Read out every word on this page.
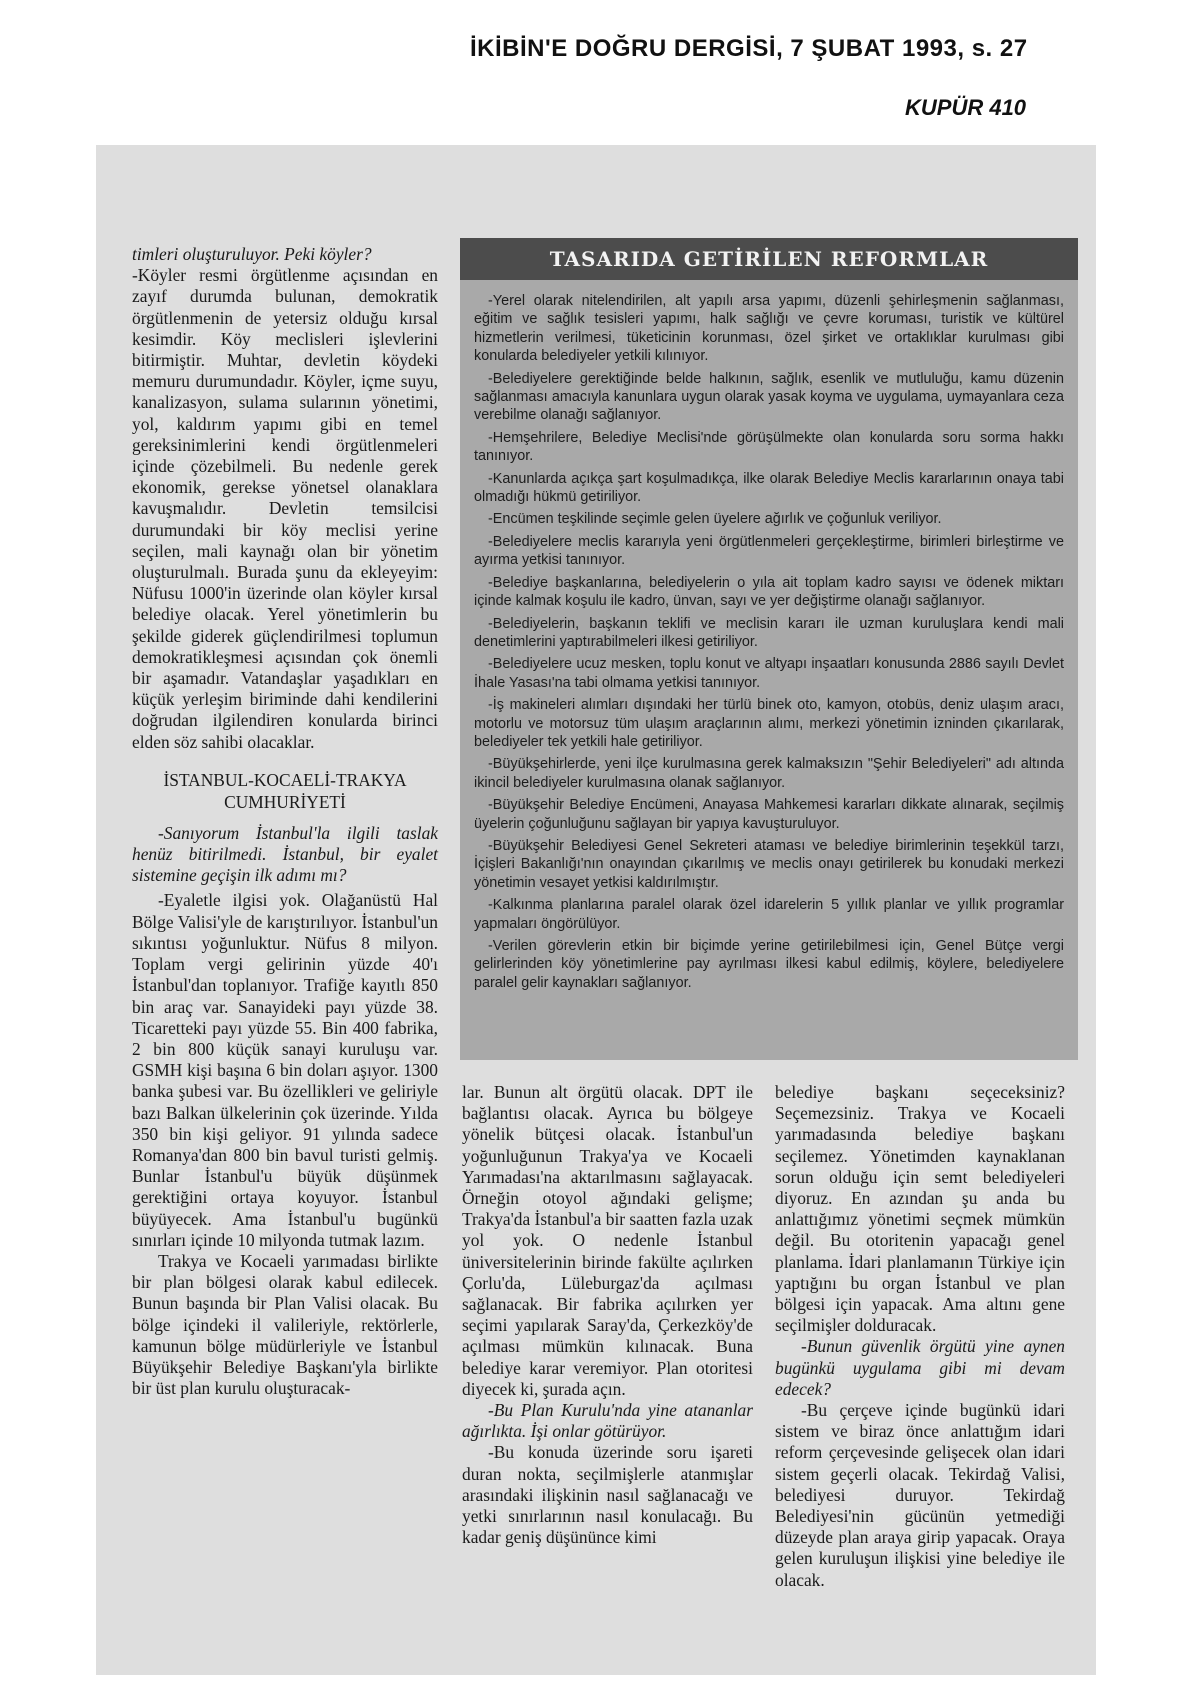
İKİBİN'E DOĞRU DERGİSİ, 7 ŞUBAT 1993, s. 27
KUPÜR 410

timleri oluşturuluyor. Peki köyler?

-Köyler resmi örgütlenme açısından en zayıf durumda bulunan, demokratik örgütlenmenin de yetersiz olduğu kırsal kesimdir. Köy meclisleri işlevlerini bitirmiştir. Muhtar, devletin köydeki memuru durumundadır. Köyler, içme suyu, kanalizasyon, sulama sularının yönetimi, yol, kaldırım yapımı gibi en temel gereksinimlerini kendi örgütlenmeleri içinde çözebilmeli. Bu nedenle gerek ekonomik, gerekse yönetsel olanaklara kavuşmalıdır. Devletin temsilcisi durumundaki bir köy meclisi yerine seçilen, mali kaynağı olan bir yönetim oluşturulmalı. Burada şunu da ekleyeyim: Nüfusu 1000'in üzerinde olan köyler kırsal belediye olacak. Yerel yönetimlerin bu şekilde giderek güçlendirilmesi toplumun demokratikleşmesi açısından çok önemli bir aşamadır. Vatandaşlar yaşadıkları en küçük yerleşim biriminde dahi kendilerini doğrudan ilgilendiren konularda birinci elden söz sahibi olacaklar.

İSTANBUL-KOCAELİ-TRAKYA
CUMHURİYETİ

-Sanıyorum İstanbul'la ilgili taslak henüz bitirilmedi. İstanbul, bir eyalet sistemine geçişin ilk adımı mı?

-Eyaletle ilgisi yok. Olağanüstü Hal Bölge Valisi'yle de karıştırılıyor. İstanbul'un sıkıntısı yoğunluktur. Nüfus 8 milyon. Toplam vergi gelirinin yüzde 40'ı İstanbul'dan toplanıyor. Trafiğe kayıtlı 850 bin araç var. Sanayideki payı yüzde 38. Ticaretteki payı yüzde 55. Bin 400 fabrika, 2 bin 800 küçük sanayi kuruluşu var. GSMH kişi başına 6 bin doları aşıyor. 1300 banka şubesi var. Bu özellikleri ve geliriyle bazı Balkan ülkelerinin çok üzerinde. Yılda 350 bin kişi geliyor. 91 yılında sadece Romanya'dan 800 bin bavul turisti gelmiş. Bunlar İstanbul'u büyük düşünmek gerektiğini ortaya koyuyor. İstanbul büyüyecek. Ama İstanbul'u bugünkü sınırları içinde 10 milyonda tutmak lazım.

Trakya ve Kocaeli yarımadası birlikte bir plan bölgesi olarak kabul edilecek. Bunun başında bir Plan Valisi olacak. Bu bölge içindeki il valileriyle, rektörlerle, kamunun bölge müdürleriyle ve İstanbul Büyükşehir Belediye Başkanı'yla birlikte bir üst plan kurulu oluşturacak-

TASARIDA GETİRİLEN REFORMLAR

-Yerel olarak nitelendirilen, alt yapılı arsa yapımı, düzenli şehirleşmenin sağlanması, eğitim ve sağlık tesisleri yapımı, halk sağlığı ve çevre koruması, turistik ve kültürel hizmetlerin verilmesi, tüketicinin korunması, özel şirket ve ortaklıklar kurulması gibi konularda belediyeler yetkili kılınıyor.

-Belediyelere gerektiğinde belde halkının, sağlık, esenlik ve mutluluğu, kamu düzenin sağlanması amacıyla kanunlara uygun olarak yasak koyma ve uygulama, uymayanlara ceza verebilme olanağı sağlanıyor.

-Hemşehrilere, Belediye Meclisi'nde görüşülmekte olan konularda soru sorma hakkı tanınıyor.

-Kanunlarda açıkça şart koşulmadıkça, ilke olarak Belediye Meclis kararlarının onaya tabi olmadığı hükmü getiriliyor.

-Encümen teşkilinde seçimle gelen üyelere ağırlık ve çoğunluk veriliyor.

-Belediyelere meclis kararıyla yeni örgütlenmeleri gerçekleştirme, birimleri birleştirme ve ayırma yetkisi tanınıyor.

-Belediye başkanlarına, belediyelerin o yıla ait toplam kadro sayısı ve ödenek miktarı içinde kalmak koşulu ile kadro, ünvan, sayı ve yer değiştirme olanağı sağlanıyor.

-Belediyelerin, başkanın teklifi ve meclisin kararı ile uzman kuruluşlara kendi mali denetimlerini yaptırabilmeleri ilkesi getiriliyor.

-Belediyelere ucuz mesken, toplu konut ve altyapı inşaatları konusunda 2886 sayılı Devlet İhale Yasası'na tabi olmama yetkisi tanınıyor.

-İş makineleri alımları dışındaki her türlü binek oto, kamyon, otobüs, deniz ulaşım aracı, motorlu ve motorsuz tüm ulaşım araçlarının alımı, merkezi yönetimin izninden çıkarılarak, belediyeler tek yetkili hale getiriliyor.

-Büyükşehirlerde, yeni ilçe kurulmasına gerek kalmaksızın "Şehir Belediyeleri" adı altında ikincil belediyeler kurulmasına olanak sağlanıyor.

-Büyükşehir Belediye Encümeni, Anayasa Mahkemesi kararları dikkate alınarak, seçilmiş üyelerin çoğunluğunu sağlayan bir yapıya kavuşturuluyor.

-Büyükşehir Belediyesi Genel Sekreteri ataması ve belediye birimlerinin teşekkül tarzı, İçişleri Bakanlığı'nın onayından çıkarılmış ve meclis onayı getirilerek bu konudaki merkezi yönetimin vesayet yetkisi kaldırılmıştır.

-Kalkınma planlarına paralel olarak özel idarelerin 5 yıllık planlar ve yıllık programlar yapmaları öngörülüyor.

-Verilen görevlerin etkin bir biçimde yerine getirilebilmesi için, Genel Bütçe vergi gelirlerinden köy yönetimlerine pay ayrılması ilkesi kabul edilmiş, köylere, belediyelere paralel gelir kaynakları sağlanıyor.

lar. Bunun alt örgütü olacak. DPT ile bağlantısı olacak. Ayrıca bu bölgeye yönelik bütçesi olacak. İstanbul'un yoğunluğunun Trakya'ya ve Kocaeli Yarımadası'na aktarılmasını sağlayacak. Örneğin otoyol ağındaki gelişme; Trakya'da İstanbul'a bir saatten fazla uzak yol yok. O nedenle İstanbul üniversitelerinin birinde fakülte açılırken Çorlu'da, Lüleburgaz'da açılması sağlanacak. Bir fabrika açılırken yer seçimi yapılarak Saray'da, Çerkezköy'de açılması mümkün kılınacak. Buna belediye karar veremiyor. Plan otoritesi diyecek ki, şurada açın.

-Bu Plan Kurulu'nda yine atananlar ağırlıkta. İşi onlar götürüyor.

-Bu konuda üzerinde soru işareti duran nokta, seçilmişlerle atanmışlar arasındaki ilişkinin nasıl sağlanacağı ve yetki sınırlarının nasıl konulacağı. Bu kadar geniş düşününce kimi

belediye başkanı seçeceksiniz? Seçemezsiniz. Trakya ve Kocaeli yarımadasında belediye başkanı seçilemez. Yönetimden kaynaklanan sorun olduğu için semt belediyeleri diyoruz. En azından şu anda bu anlattığımız yönetimi seçmek mümkün değil. Bu otoritenin yapacağı genel planlama. İdari planlamanın Türkiye için yaptığını bu organ İstanbul ve plan bölgesi için yapacak. Ama altını gene seçilmişler dolduracak.

-Bunun güvenlik örgütü yine aynen bugünkü uygulama gibi mi devam edecek?

-Bu çerçeve içinde bugünkü idari sistem ve biraz önce anlattığım idari reform çerçevesinde gelişecek olan idari sistem geçerli olacak. Tekirdağ Valisi, belediyesi duruyor. Tekirdağ Belediyesi'nin gücünün yetmediği düzeyde plan araya girip yapacak. Oraya gelen kuruluşun ilişkisi yine belediye ile olacak.
